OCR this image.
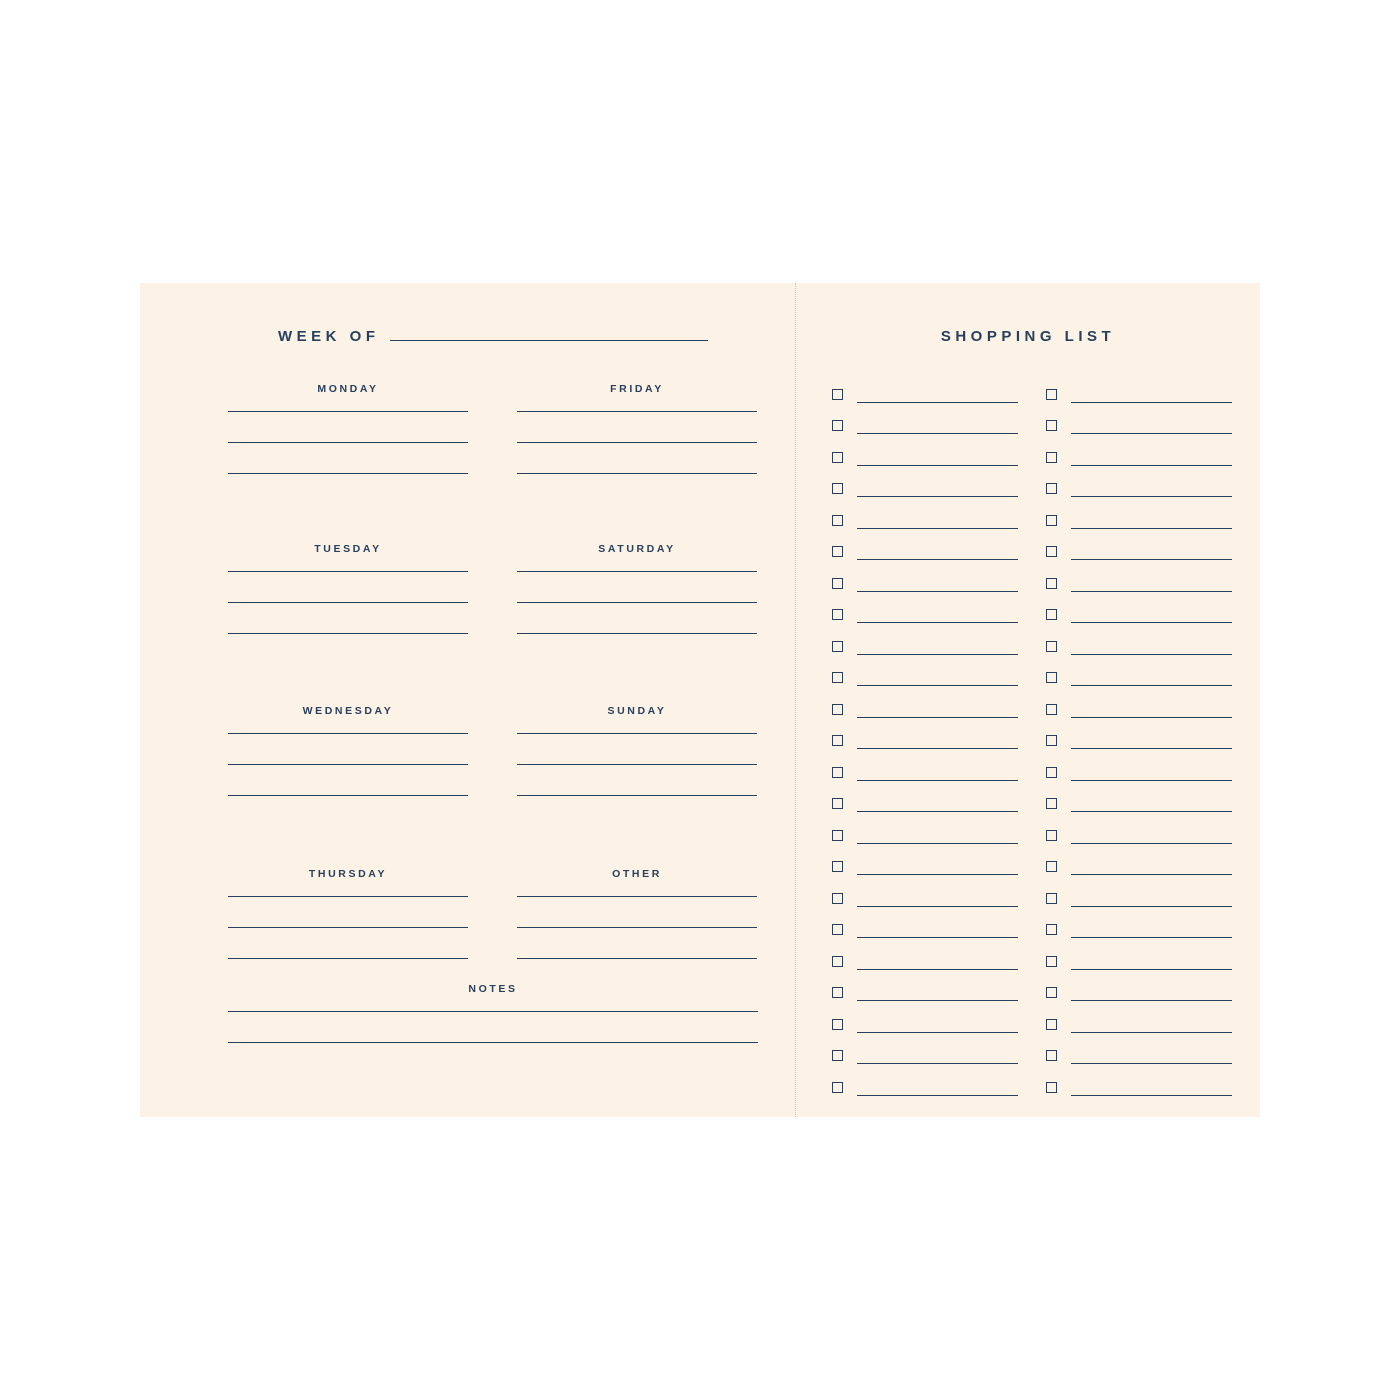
WEEK OF
MONDAY
TUESDAY
WEDNESDAY
THURSDAY
FRIDAY
SATURDAY
SUNDAY
OTHER
NOTES
SHOPPING LIST
